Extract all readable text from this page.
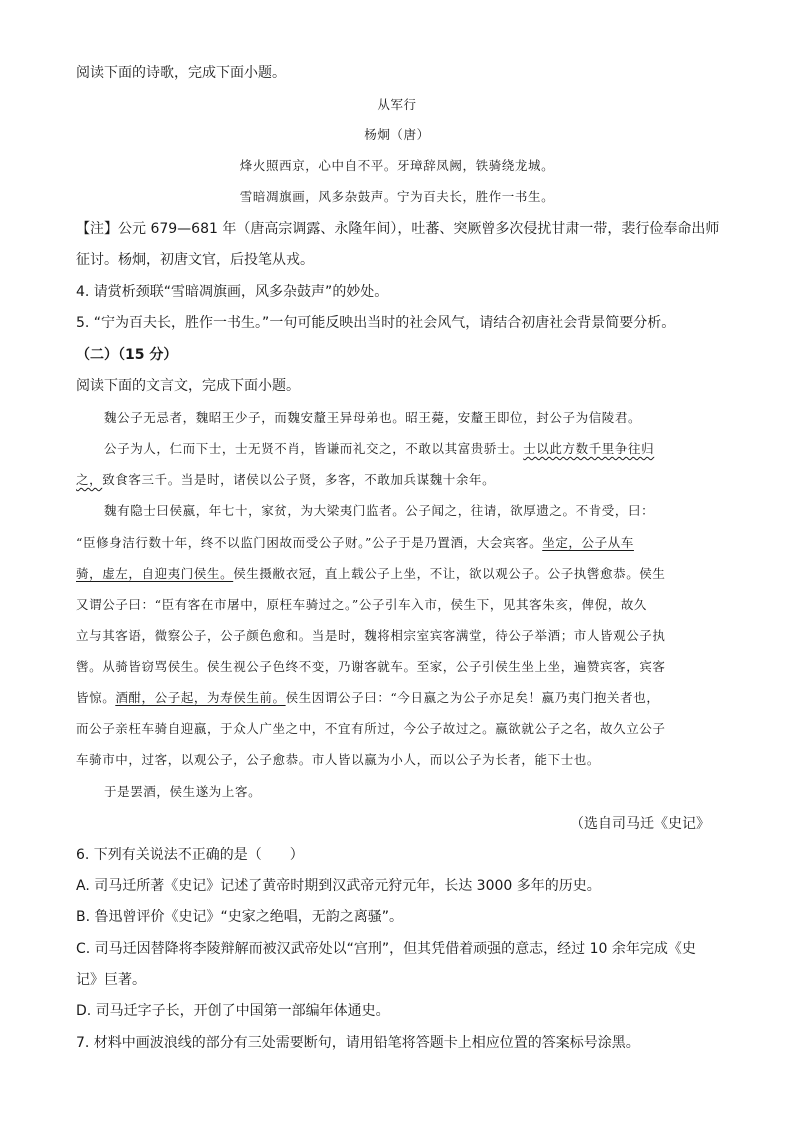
阅读下面的诗歌，完成下面小题。
从军行
杨炯（唐）
烽火照西京，心中自不平。牙璋辞凤阙，铁骑绕龙城。
雪暗凋旗画，风多杂鼓声。宁为百夫长，胜作一书生。
【注】公元 679—681 年（唐高宗调露、永隆年间），吐蕃、突厥曾多次侵扰甘肃一带，裴行俭奉命出师
征讨。杨炯，初唐文官，后投笔从戎。
4. 请赏析颈联“雪暗凋旗画，风多杂鼓声”的妙处。
5. “宁为百夫长，胜作一书生。”一句可能反映出当时的社会风气，请结合初唐社会背景简要分析。
（二）（15 分）
阅读下面的文言文，完成下面小题。
魏公子无忌者，魏昭王少子，而魏安釐王异母弟也。昭王薨，安釐王即位，封公子为信陵君。
公子为人，仁而下士，士无贤不肖，皆谦而礼交之，不敢以其富贵骄士。士以此方数千里争往归
之，致食客三千。当是时，诸侯以公子贤，多客，不敢加兵谋魏十余年。
魏有隐士曰侯嬴，年七十，家贫，为大梁夷门监者。公子闻之，往请，欲厚遗之。不肯受，曰：
“臣修身洁行数十年，终不以监门困故而受公子财。”公子于是乃置酒，大会宾客。坐定，公子从车
骑，虚左，自迎夷门侯生。侯生摄敝衣冠，直上载公子上坐，不让，欲以观公子。公子执辔愈恭。侯生
又谓公子曰：“臣有客在市屠中，原枉车骑过之。”公子引车入市，侯生下，见其客朱亥，俾倪，故久
立与其客语，微察公子，公子颜色愈和。当是时，魏将相宗室宾客满堂，待公子举酒；市人皆观公子执
辔。从骑皆窃骂侯生。侯生视公子色终不变，乃谢客就车。至家，公子引侯生坐上坐，遍赞宾客，宾客
皆惊。酒酣，公子起，为寿侯生前。侯生因谓公子曰：“今日嬴之为公子亦足矣！嬴乃夷门抱关者也，
而公子亲枉车骑自迎嬴，于众人广坐之中，不宜有所过，今公子故过之。嬴欲就公子之名，故久立公子
车骑市中，过客，以观公子，公子愈恭。市人皆以嬴为小人，而以公子为长者，能下士也。
于是罢酒，侯生遂为上客。
（选自司马迁《史记》
6. 下列有关说法不正确的是（　　）
A. 司马迁所著《史记》记述了黄帝时期到汉武帝元狩元年，长达 3000 多年的历史。
B. 鲁迅曾评价《史记》“史家之绝唱，无韵之离骚”。
C. 司马迁因替降将李陵辩解而被汉武帝处以“宫刑”，但其凭借着顽强的意志，经过 10 余年完成《史
记》巨著。
D. 司马迁字子长，开创了中国第一部编年体通史。
7. 材料中画波浪线的部分有三处需要断句，请用铅笔将答题卡上相应位置的答案标号涂黑。
